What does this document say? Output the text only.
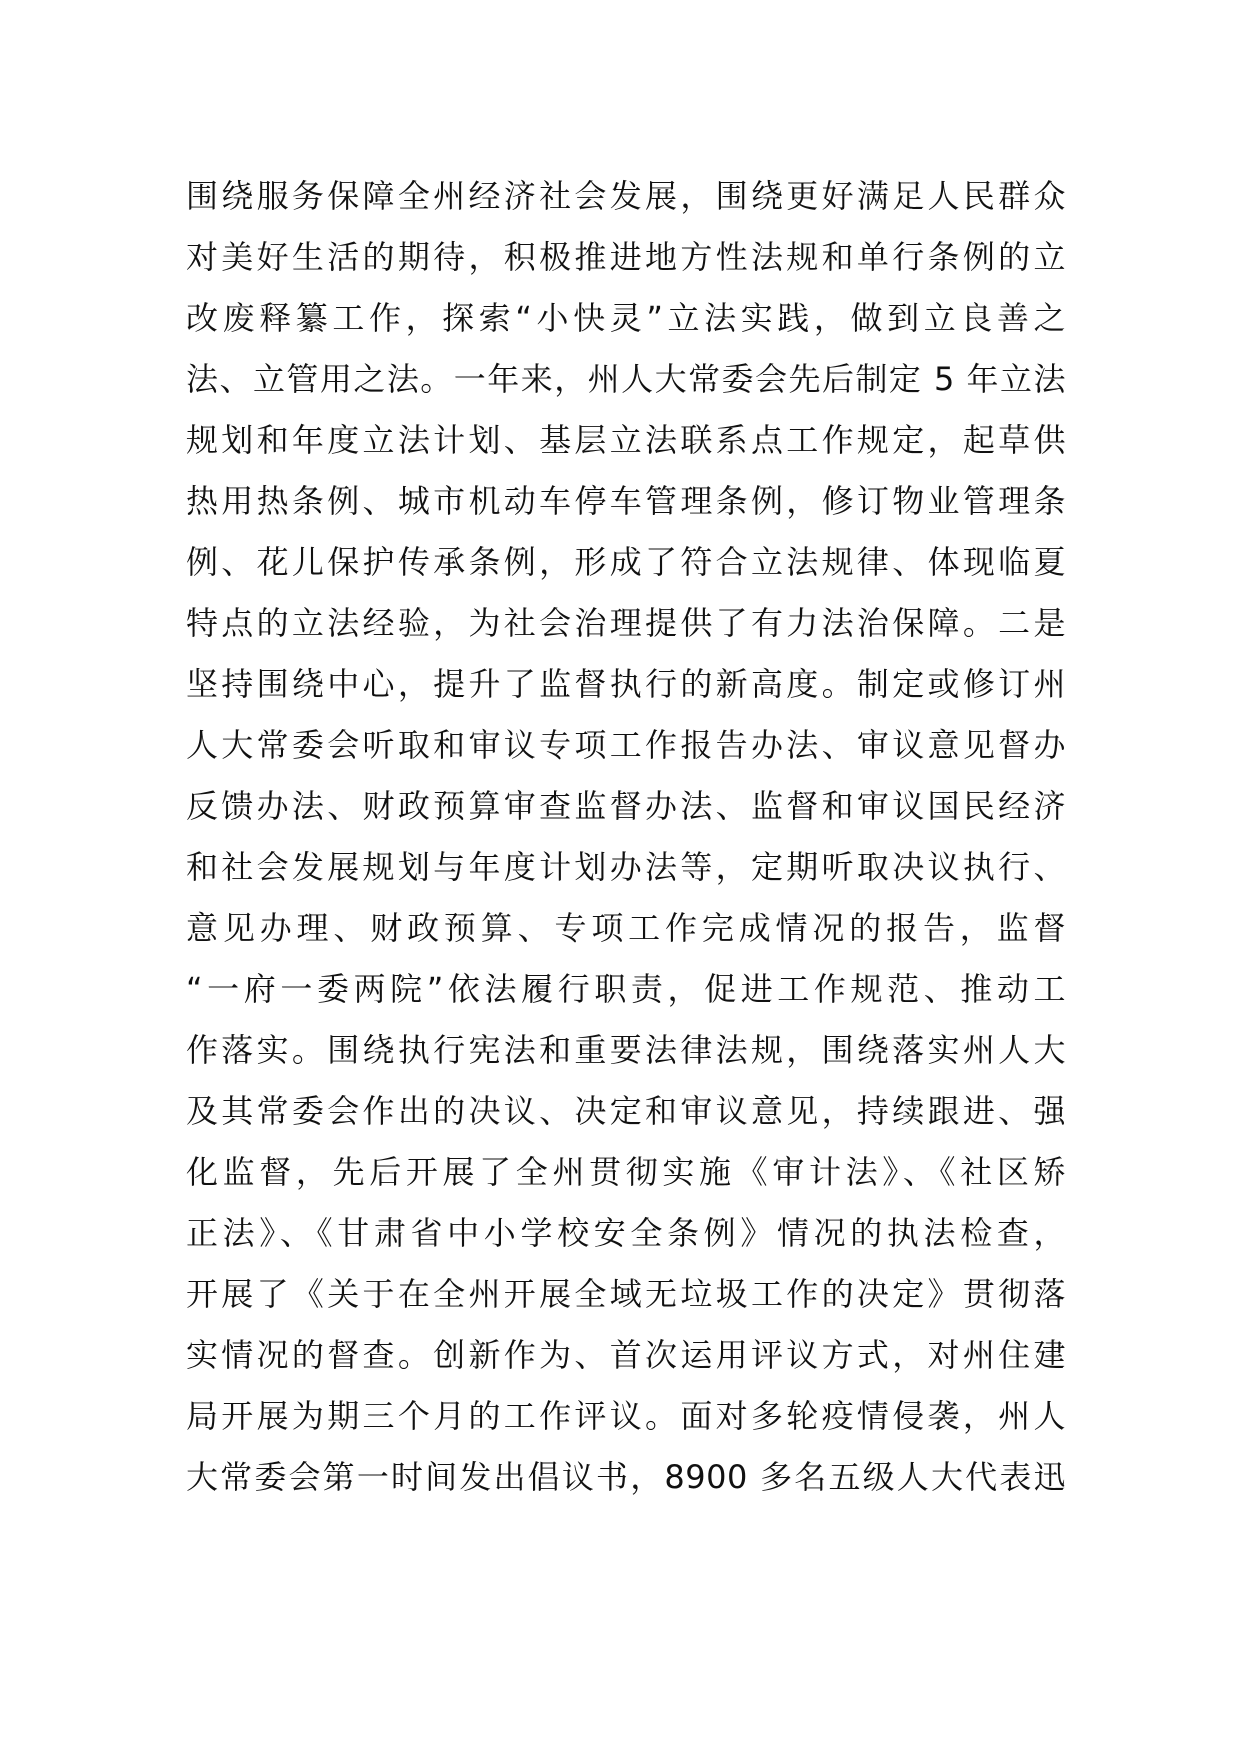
围绕服务保障全州经济社会发展，围绕更好满足人民群众
对美好生活的期待，积极推进地方性法规和单行条例的立
改废释纂工作，探索“小快灵”立法实践，做到立良善之
法、立管用之法。一年来，州人大常委会先后制定 5 年立法
规划和年度立法计划、基层立法联系点工作规定，起草供
热用热条例、城市机动车停车管理条例，修订物业管理条
例、花儿保护传承条例，形成了符合立法规律、体现临夏
特点的立法经验，为社会治理提供了有力法治保障。二是
坚持围绕中心，提升了监督执行的新高度。制定或修订州
人大常委会听取和审议专项工作报告办法、审议意见督办
反馈办法、财政预算审查监督办法、监督和审议国民经济
和社会发展规划与年度计划办法等，定期听取决议执行、
意见办理、财政预算、专项工作完成情况的报告，监督
“一府一委两院”依法履行职责，促进工作规范、推动工
作落实。围绕执行宪法和重要法律法规，围绕落实州人大
及其常委会作出的决议、决定和审议意见，持续跟进、强
化监督，先后开展了全州贯彻实施《审计法》、《社区矫
正法》、《甘肃省中小学校安全条例》情况的执法检查，
开展了《关于在全州开展全域无垃圾工作的决定》贯彻落
实情况的督查。创新作为、首次运用评议方式，对州住建
局开展为期三个月的工作评议。面对多轮疫情侵袭，州人
大常委会第一时间发出倡议书，8900 多名五级人大代表迅
